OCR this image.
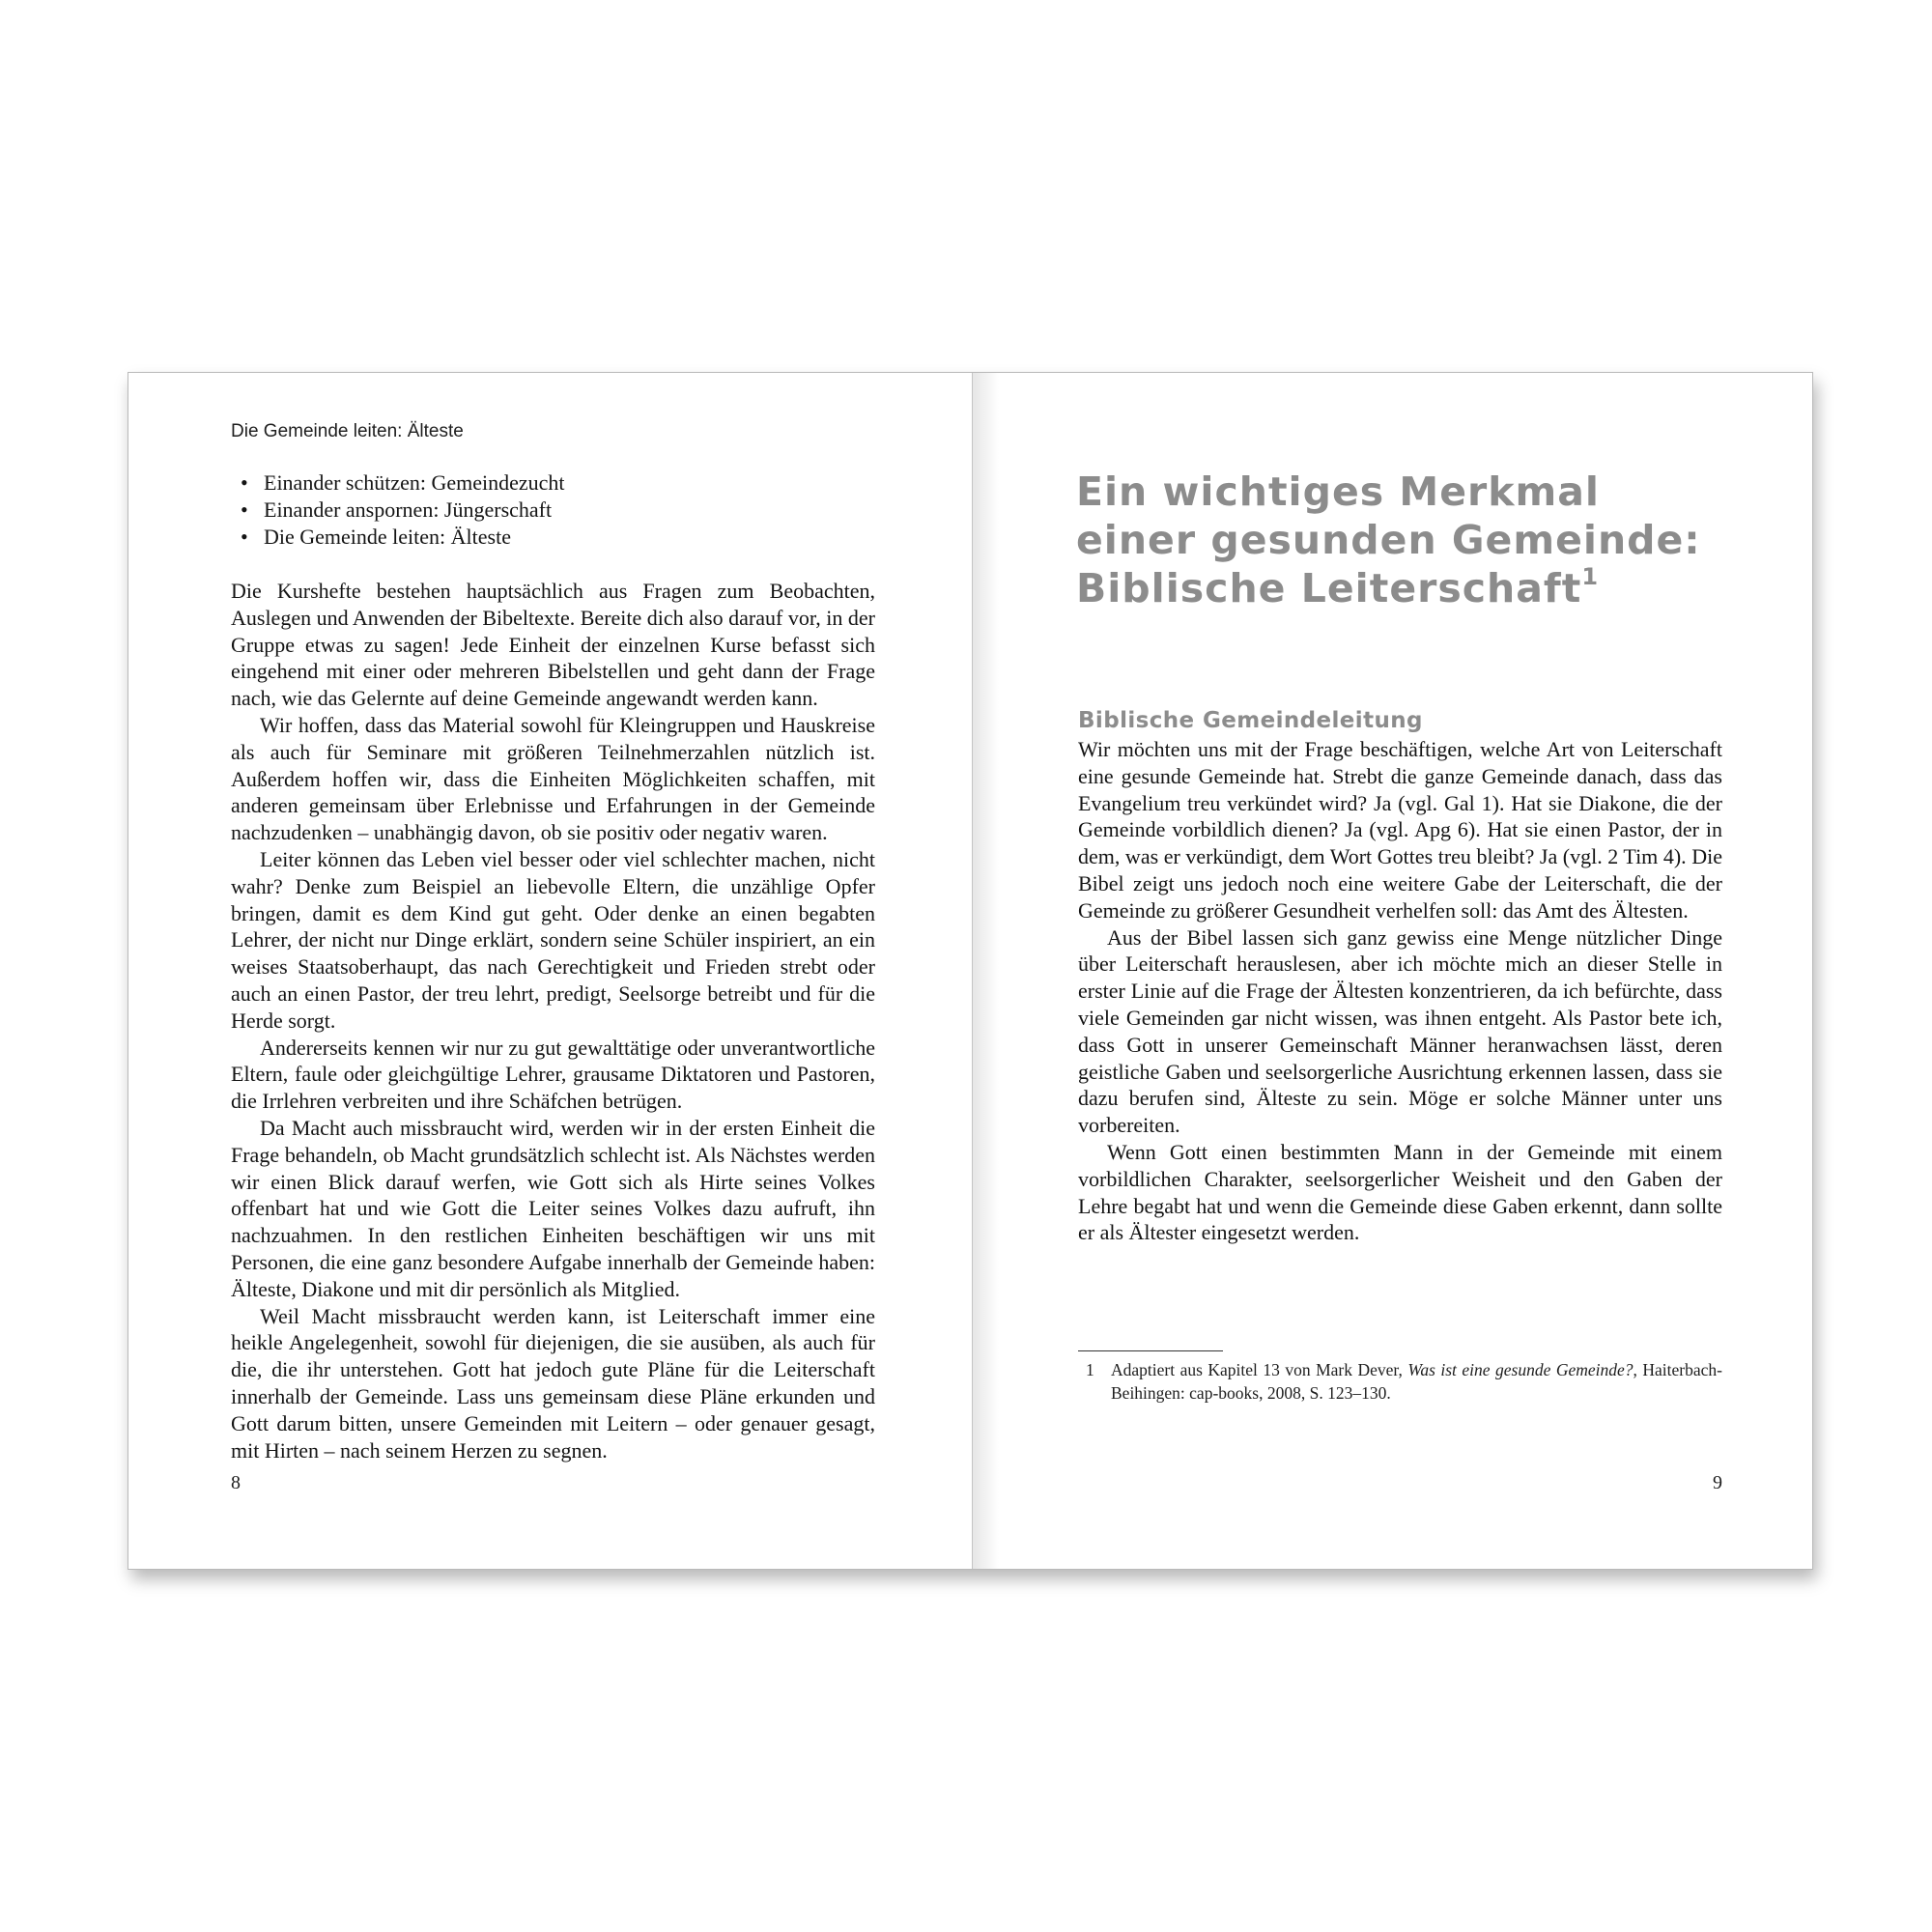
Die Gemeinde leiten: Älteste
• Einander schützen: Gemeindezucht
• Einander anspornen: Jüngerschaft
• Die Gemeinde leiten: Älteste

Die Kurshefte bestehen hauptsächlich aus Fragen zum Beobachten, Auslegen und Anwenden der Bibeltexte. Bereite dich also darauf vor, in der Gruppe etwas zu sagen! Jede Einheit der einzelnen Kurse befasst sich eingehend mit einer oder mehreren Bibelstellen und geht dann der Frage nach, wie das Gelernte auf deine Gemeinde angewandt werden kann.

Wir hoffen, dass das Material sowohl für Kleingruppen und Hauskreise als auch für Seminare mit größeren Teilnehmerzahlen nützlich ist. Außerdem hoffen wir, dass die Einheiten Möglichkeiten schaffen, mit anderen gemeinsam über Erlebnisse und Erfahrungen in der Gemeinde nachzudenken – unabhängig davon, ob sie positiv oder negativ waren.

Leiter können das Leben viel besser oder viel schlechter machen, nicht wahr? Denke zum Beispiel an liebevolle Eltern, die unzählige Opfer bringen, damit es dem Kind gut geht. Oder denke an einen begabten Lehrer, der nicht nur Dinge erklärt, sondern seine Schüler inspiriert, an ein weises Staatsoberhaupt, das nach Gerechtigkeit und Frieden strebt oder auch an einen Pastor, der treu lehrt, predigt, Seelsorge betreibt und für die Herde sorgt.

Andererseits kennen wir nur zu gut gewalttätige oder unverantwortliche Eltern, faule oder gleichgültige Lehrer, grausame Diktatoren und Pastoren, die Irrlehren verbreiten und ihre Schäfchen betrügen.

Da Macht auch missbraucht wird, werden wir in der ersten Einheit die Frage behandeln, ob Macht grundsätzlich schlecht ist. Als Nächstes werden wir einen Blick darauf werfen, wie Gott sich als Hirte seines Volkes offenbart hat und wie Gott die Leiter seines Volkes dazu aufruft, ihn nachzuahmen. In den restlichen Einheiten beschäftigen wir uns mit Personen, die eine ganz besondere Aufgabe innerhalb der Gemeinde haben: Älteste, Diakone und mit dir persönlich als Mitglied.

Weil Macht missbraucht werden kann, ist Leiterschaft immer eine heikle Angelegenheit, sowohl für diejenigen, die sie ausüben, als auch für die, die ihr unterstehen. Gott hat jedoch gute Pläne für die Leiterschaft innerhalb der Gemeinde. Lass uns gemeinsam diese Pläne erkunden und Gott darum bitten, unsere Gemeinden mit Leitern – oder genauer gesagt, mit Hirten – nach seinem Herzen zu segnen.

8
Ein wichtiges Merkmal
einer gesunden Gemeinde:
Biblische Leiterschaft$^1$
Biblische Gemeindeleitung

Wir möchten uns mit der Frage beschäftigen, welche Art von Leiterschaft eine gesunde Gemeinde hat. Strebt die ganze Gemeinde danach, dass das Evangelium treu verkündet wird? Ja (vgl. Gal 1). Hat sie Diakone, die der Gemeinde vorbildlich dienen? Ja (vgl. Apg 6). Hat sie einen Pastor, der in dem, was er verkündigt, dem Wort Gottes treu bleibt? Ja (vgl. 2 Tim 4). Die Bibel zeigt uns jedoch noch eine weitere Gabe der Leiterschaft, die der Gemeinde zu größerer Gesundheit verhelfen soll: das Amt des Ältesten.

Aus der Bibel lassen sich ganz gewiss eine Menge nützlicher Dinge über Leiterschaft herauslesen, aber ich möchte mich an dieser Stelle in erster Linie auf die Frage der Ältesten konzentrieren, da ich befürchte, dass viele Gemeinden gar nicht wissen, was ihnen entgeht. Als Pastor bete ich, dass Gott in unserer Gemeinschaft Männer heranwachsen lässt, deren geistliche Gaben und seelsorgerliche Ausrichtung erkennen lassen, dass sie dazu berufen sind, Älteste zu sein. Möge er solche Männer unter uns vorbereiten.

Wenn Gott einen bestimmten Mann in der Gemeinde mit einem vorbildlichen Charakter, seelsorgerlicher Weisheit und den Gaben der Lehre begabt hat und wenn die Gemeinde diese Gaben erkennt, dann sollte er als Ältester eingesetzt werden.

1 Adaptiert aus Kapitel 13 von Mark Dever, Was ist eine gesunde Gemeinde?, Haiterbach-Beihingen: cap-books, 2008, S. 123–130.
9
